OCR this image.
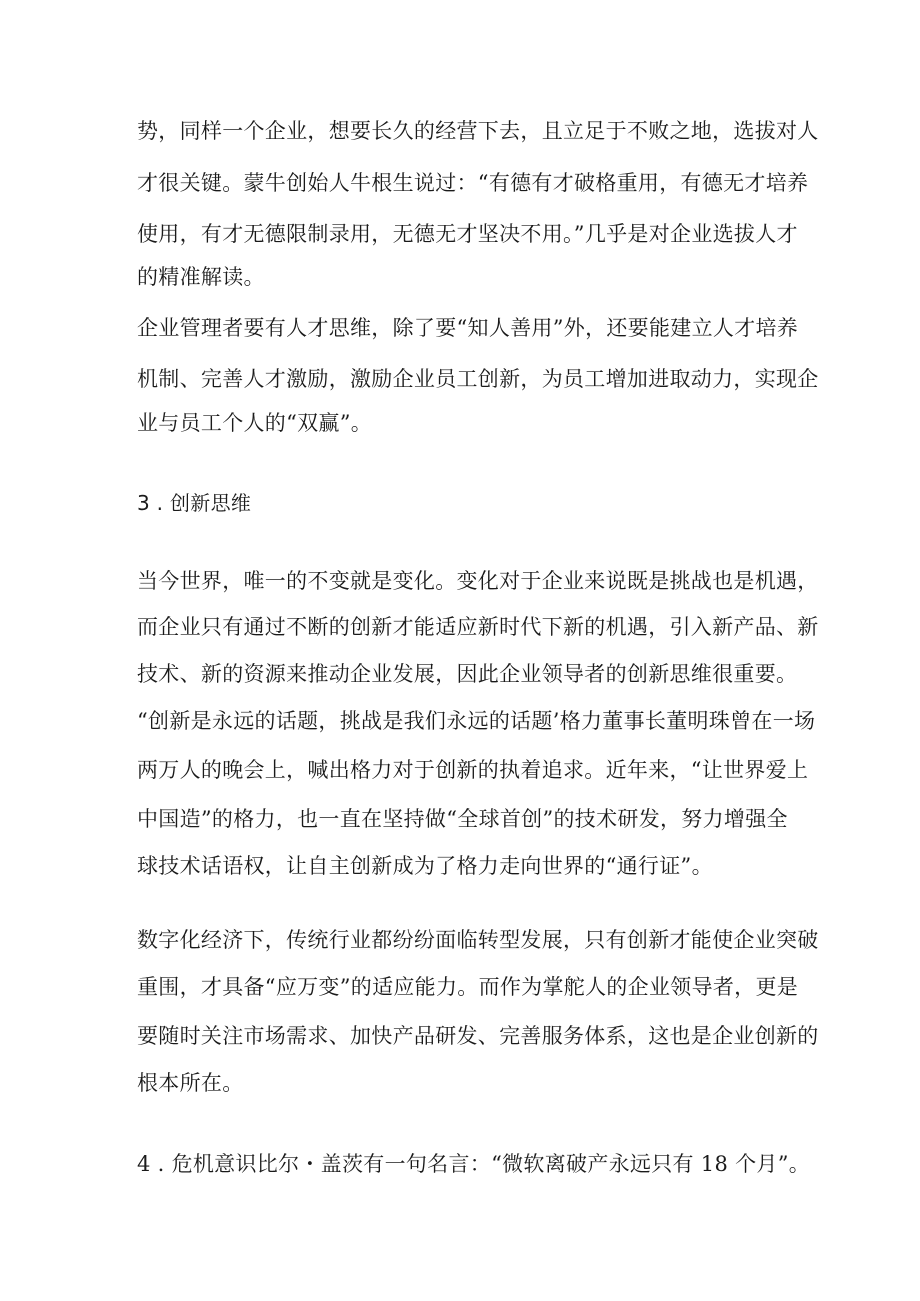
势，同样一个企业，想要长久的经营下去，且立足于不败之地，选拔对人
才很关键。蒙牛创始人牛根生说过：“有德有才破格重用，有德无才培养
使用，有才无德限制录用，无德无才坚决不用。”几乎是对企业选拔人才
的精准解读。
企业管理者要有人才思维，除了要“知人善用”外，还要能建立人才培养
机制、完善人才激励，激励企业员工创新，为员工增加进取动力，实现企
业与员工个人的“双赢”。
3 . 创新思维
当今世界，唯一的不变就是变化。变化对于企业来说既是挑战也是机遇，
而企业只有通过不断的创新才能适应新时代下新的机遇，引入新产品、新
技术、新的资源来推动企业发展，因此企业领导者的创新思维很重要。
“创新是永远的话题，挑战是我们永远的话题’格力董事长董明珠曾在一场
两万人的晚会上，喊出格力对于创新的执着追求。近年来，“让世界爱上
中国造”的格力，也一直在坚持做“全球首创”的技术研发，努力增强全
球技术话语权，让自主创新成为了格力走向世界的“通行证”。
数字化经济下，传统行业都纷纷面临转型发展，只有创新才能使企业突破
重围，才具备“应万变”的适应能力。而作为掌舵人的企业领导者，更是
要随时关注市场需求、加快产品研发、完善服务体系，这也是企业创新的
根本所在。
4 . 危机意识比尔・盖茨有一句名言：“微软离破产永远只有 18 个月”。
